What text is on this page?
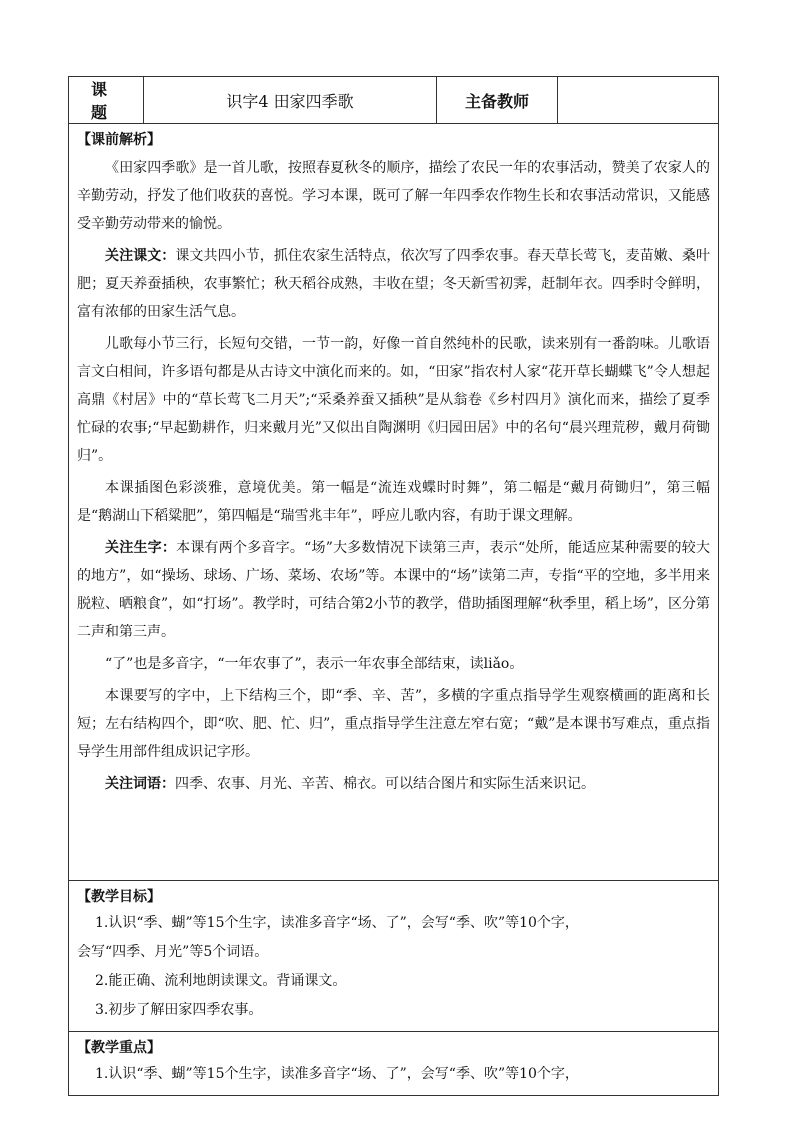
课　题	识字4 田家四季歌	主备教师	

【课前解析】

《田家四季歌》是一首儿歌，按照春夏秋冬的顺序，描绘了农民一年的农事活动，赞美了农家人的辛勤劳动，抒发了他们收获的喜悦。学习本课，既可了解一年四季农作物生长和农事活动常识，又能感受辛勤劳动带来的愉悦。

关注课文：课文共四小节，抓住农家生活特点，依次写了四季农事。春天草长莺飞，麦苗嫩、桑叶肥；夏天养蚕插秧，农事繁忙；秋天稻谷成熟，丰收在望；冬天新雪初霁，赶制年衣。四季时令鲜明，富有浓郁的田家生活气息。

儿歌每小节三行，长短句交错，一节一韵，好像一首自然纯朴的民歌，读来别有一番韵味。儿歌语言文白相间，许多语句都是从古诗文中演化而来的。如，“田家”指农村人家“花开草长蝴蝶飞”令人想起高鼎《村居》中的“草长莺飞二月天”;“采桑养蚕又插秧”是从翁卷《乡村四月》演化而来，描绘了夏季忙碌的农事;“早起勤耕作，归来戴月光”又似出自陶渊明《归园田居》中的名句“晨兴理荒秽，戴月荷锄归”。

本课插图色彩淡雅，意境优美。第一幅是“流连戏蝶时时舞”，第二幅是“戴月荷锄归”，第三幅是“鹅湖山下稻粱肥”，第四幅是“瑞雪兆丰年”，呼应儿歌内容，有助于课文理解。

关注生字：本课有两个多音字。“场”大多数情况下读第三声，表示“处所，能适应某种需要的较大的地方”，如“操场、球场、广场、菜场、农场”等。本课中的“场”读第二声，专指“平的空地，多半用来脱粒、晒粮食”，如“打场”。教学时，可结合第2小节的教学，借助插图理解“秋季里，稻上场”，区分第二声和第三声。

“了”也是多音字，“一年农事了”，表示一年农事全部结束，读liǎo。

本课要写的字中，上下结构三个，即“季、辛、苦”，多横的字重点指导学生观察横画的距离和长短；左右结构四个，即“吹、肥、忙、归”，重点指导学生注意左窄右宽；“戴”是本课书写难点，重点指导学生用部件组成识记字形。

关注词语：四季、农事、月光、辛苦、棉衣。可以结合图片和实际生活来识记。

【教学目标】

1.认识“季、蝴”等15个生字，读准多音字“场、了”，会写“季、吹”等10个字，

会写“四季、月光”等5个词语。

2.能正确、流利地朗读课文。背诵课文。

3.初步了解田家四季农事。

【教学重点】

1.认识“季、蝴”等15个生字，读准多音字“场、了”，会写“季、吹”等10个字，
